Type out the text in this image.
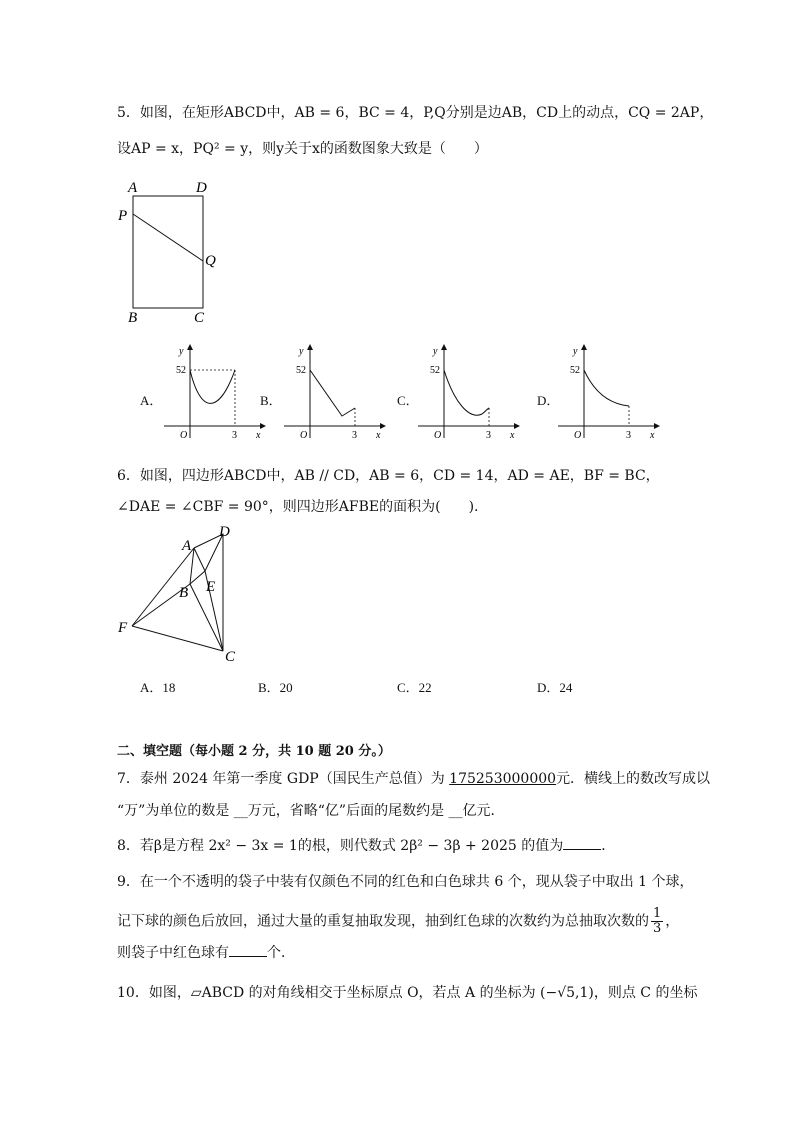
5．如图，在矩形ABCD中，AB = 6，BC = 4，P,Q分别是边AB，CD上的动点，CQ = 2AP，
设AP = x，PQ² = y，则y关于x的函数图象大致是（　　）
A	D
P
Q
B	C
A．
y
52
O	3 x
B．
y
52
O	3 x
C．
y
52
O	3 x
D．
y
52
O	3 x
6．如图，四边形ABCD中，AB // CD，AB = 6，CD = 14，AD = AE，BF = BC，
∠DAE = ∠CBF = 90°，则四边形AFBE的面积为(　　).
A
D
B E
F
C
A．18	B．20	C．22	D．24
二、填空题（每小题 2 分，共 10 题 20 分。）
7．泰州 2024 年第一季度 GDP（国民生产总值）为 175253000000元．横线上的数改写成以
“万”为单位的数是 __万元，省略“亿”后面的尾数约是 __亿元．
8．若β是方程 2x² − 3x = 1的根，则代数式 2β² − 3β + 2025 的值为	．
9．在一个不透明的袋子中装有仅颜色不同的红色和白色球共 6 个，现从袋子中取出 1 个球，
记下球的颜色后放回，通过大量的重复抽取发现，抽到红色球的次数约为总抽取次数的 $\frac{1}{3}$ ，
则袋子中红色球有	个．
10．如图，▱ABCD 的对角线相交于坐标原点 O，若点 A 的坐标为 (−√5,1)，则点 C 的坐标
